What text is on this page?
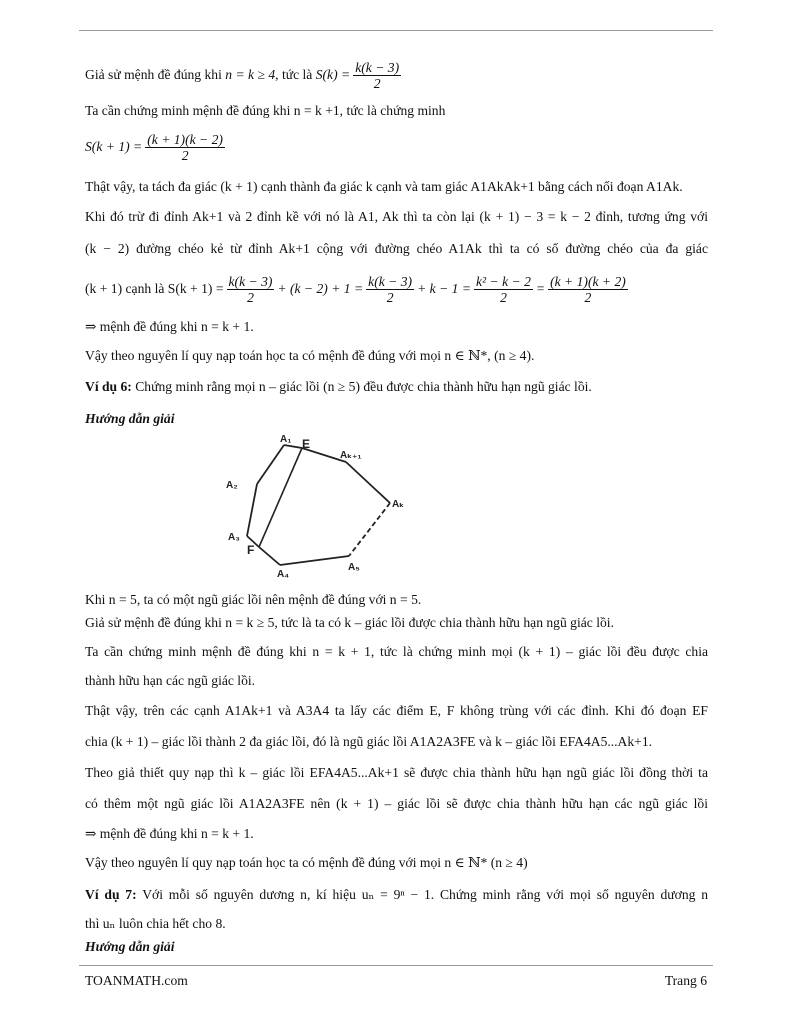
Giả sử mệnh đề đúng khi n = k ≥ 4, tức là $S(k) = \frac{k(k - 3)}{2}$
Ta cần chứng minh mệnh đề đúng khi n = k +1, tức là chứng minh
$S(k + 1) = \frac{(k + 1)(k - 2)}{2}$
Thật vậy, ta tách đa giác (k + 1) cạnh thành đa giác k cạnh và tam giác A1AkAk+1 bằng cách nối đoạn A1Ak.
Khi đó trừ đi đỉnh Ak+1 và 2 đỉnh kề với nó là A1, Ak thì ta còn lại (k + 1) − 3 = k − 2 đỉnh, tương ứng với
(k − 2) đường chéo kẻ từ đỉnh Ak+1 cộng với đường chéo A1Ak thì ta có số đường chéo của đa giác
(k + 1) cạnh là $S(k + 1) = \frac{k(k - 3)}{2} + (k - 2) + 1 = \frac{k(k - 3)}{2} + k - 1 = \frac{\text{k² − k − 2}}{2} = \frac{(k + 1)(k + 2)}{2}$
⇒ mệnh đề đúng khi n = k + 1.
Vậy theo nguyên lí quy nạp toán học ta có mệnh đề đúng với mọi n ∈ ℕ*, (n ≥ 4).
Ví dụ 6: Chứng minh rằng mọi n – giác lồi (n ≥ 5) đều được chia thành hữu hạn ngũ giác lồi.
Hướng dẫn giải
A₁ E
Aₖ₊₁
A₂
Aₖ
A₃
F
A₄
A₅
Khi n = 5, ta có một ngũ giác lồi nên mệnh đề đúng với n = 5.
Giả sử mệnh đề đúng khi n = k ≥ 5, tức là ta có k – giác lồi được chia thành hữu hạn ngũ giác lồi.
Ta cần chứng minh mệnh đề đúng khi n = k + 1, tức là chứng minh mọi (k + 1) – giác lồi đều được chia
thành hữu hạn các ngũ giác lồi.
Thật vậy, trên các cạnh A1Ak+1 và A3A4 ta lấy các điểm E, F không trùng với các đỉnh. Khi đó đoạn EF
chia (k + 1) – giác lồi thành 2 đa giác lồi, đó là ngũ giác lồi A1A2A3FE và k – giác lồi EFA4A5...Ak+1.
Theo giả thiết quy nạp thì k – giác lồi EFA4A5...Ak+1 sẽ được chia thành hữu hạn ngũ giác lồi đồng thời ta
có thêm một ngũ giác lồi A1A2A3FE nên (k + 1) – giác lồi sẽ được chia thành hữu hạn các ngũ giác lồi
⇒ mệnh đề đúng khi n = k + 1.
Vậy theo nguyên lí quy nạp toán học ta có mệnh đề đúng với mọi n ∈ ℕ* (n ≥ 4)
Ví dụ 7: Với mỗi số nguyên dương n, kí hiệu uₙ = 9ⁿ − 1. Chứng minh rằng với mọi số nguyên dương n
thì uₙ luôn chia hết cho 8.
Hướng dẫn giải
TOANMATH.com	Trang 6
